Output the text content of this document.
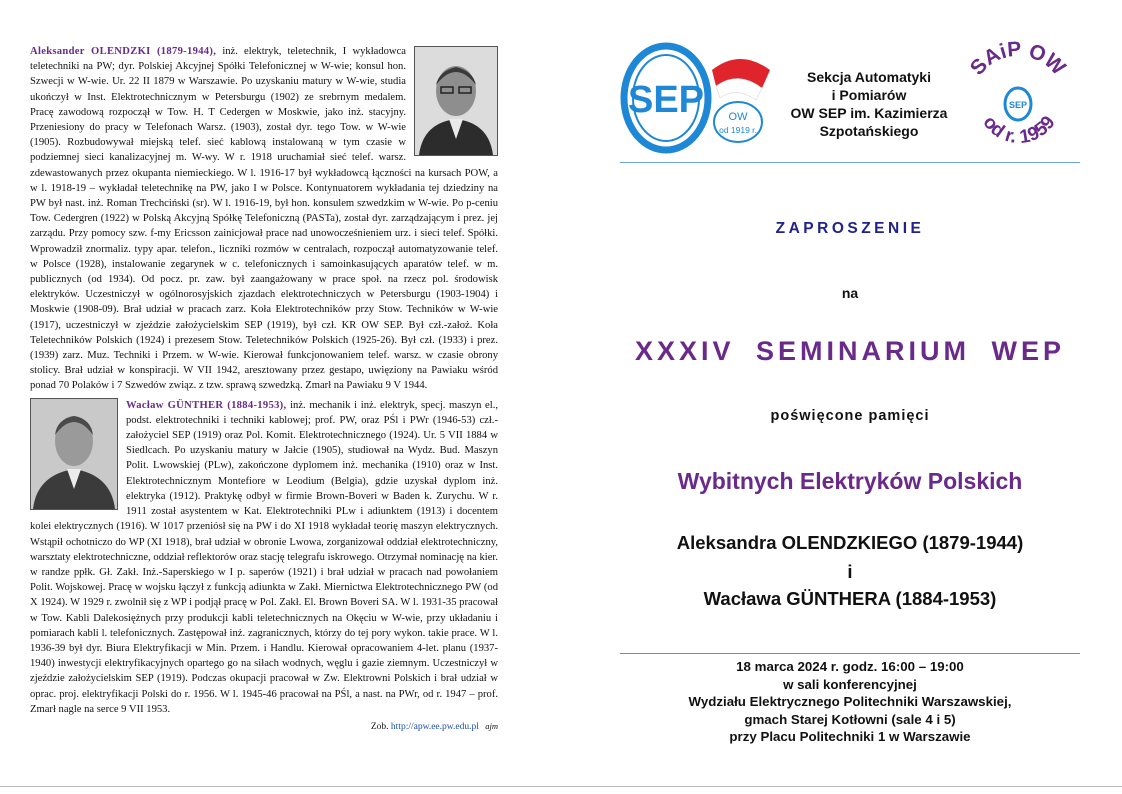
Aleksander OLENDZKI (1879-1944), inż. elektryk, teletechnik, I wykładowca teletechniki na PW; dyr. Polskiej Akcyjnej Spółki Telefonicznej w W-wie; konsul hon. Szwecji w W-wie. Ur. 22 II 1879 w Warszawie. Po uzyskaniu matury w W-wie, studia ukończył w Inst. Elektrotechnicznym w Petersburgu (1902) ze srebrnym medalem. Pracę zawodową rozpoczął w Tow. H. T Cedergen w Moskwie, jako inż. stacyjny. Przeniesiony do pracy w Telefonach Warsz. (1903), został dyr. tego Tow. w W-wie (1905). Rozbudowywał miejską telef. sieć kablową instalowaną w tym czasie w podziemnej sieci kanalizacyjnej m. W-wy. W r. 1918 uruchamiał sieć telef. warsz. zdewastowanych przez okupanta niemieckiego. W l. 1916-17 był wykładowcą łączności na kursach POW, a w l. 1918-19 – wykładał teletechnikę na PW, jako I w Polsce. Kontynuatorem wykładania tej dziedziny na PW był nast. inż. Roman Trechciński (sr). W l. 1916-19, był hon. konsulem szwedzkim w W-wie. Po p-ceniu Tow. Cedergren (1922) w Polską Akcyjną Spółkę Telefoniczną (PASTa), został dyr. zarządzającym i prez. jej zarządu. Przy pomocy szw. f-my Ericsson zainicjował prace nad unowocześnieniem urz. i sieci telef. Spółki. Wprowadził znormaliz. typy apar. telefon., liczniki rozmów w centralach, rozpoczął automatyzowanie telef. w Polsce (1928), instalowanie zegarynek w c. telefonicznych i samoinkasujących aparatów telef. w m. publicznych (od 1934). Od pocz. pr. zaw. był zaangażowany w prace społ. na rzecz pol. środowisk elektryków. Uczestniczył w ogólnorosyjskich zjazdach elektrotechniczych w Petersburgu (1903-1904) i Moskwie (1908-09). Brał udział w pracach zarz. Koła Elektrotechników przy Stow. Techników w W-wie (1917), uczestniczył w zjeździe założycielskim SEP (1919), był czł. KR OW SEP. Był czł.-założ. Koła Teletechników Polskich (1924) i prezesem Stow. Teletechników Polskich (1925-26). Był czł. (1933) i prez. (1939) zarz. Muz. Techniki i Przem. w W-wie. Kierował funkcjonowaniem telef. warsz. w czasie obrony stolicy. Brał udział w konspiracji. W VII 1942, aresztowany przez gestapo, uwięziony na Pawiaku wśród ponad 70 Polaków i 7 Szwedów związ. z tzw. sprawą szwedzką. Zmarł na Pawiaku 9 V 1944.

Wacław GÜNTHER (1884-1953), inż. mechanik i inż. elektryk, specj. maszyn el., podst. elektrotechniki i techniki kablowej; prof. PW, oraz PŚl i PWr (1946-53) czł.-założyciel SEP (1919) oraz Pol. Komit. Elektrotechnicznego (1924). Ur. 5 VII 1884 w Siedlcach. Po uzyskaniu matury w Jałcie (1905), studiował na Wydz. Bud. Maszyn Polit. Lwowskiej (PLw), zakończone dyplomem inż. mechanika (1910) oraz w Inst. Elektrotechnicznym Montefiore w Leodium (Belgia), gdzie uzyskał dyplom inż. elektryka (1912). Praktykę odbył w firmie Brown-Boveri w Baden k. Zurychu. W r. 1911 został asystentem w Kat. Elektrotechniki PLw i adiunktem (1913) i docentem kolei elektrycznych (1916). W 1017 przeniósł się na PW i do XI 1918 wykładał teorię maszyn elektrycznych. Wstąpił ochotniczo do WP (XI 1918), brał udział w obronie Lwowa, zorganizował oddział elektrotechniczny, warsztaty elektrotechniczne, oddział reflektorów oraz stację telegrafu iskrowego. Otrzymał nominację na kier. w randze ppłk. Gł. Zakł. Inż.-Saperskiego w I p. saperów (1921) i brał udział w pracach nad powołaniem Polit. Wojskowej. Pracę w wojsku łączył z funkcją adiunkta w Zakł. Miernictwa Elektrotechnicznego PW (od X 1924). W 1929 r. zwolnił się z WP i podjął pracę w Pol. Zakł. El. Brown Boveri SA. W l. 1931-35 pracował w Tow. Kabli Dalekosiężnych przy produkcji kabli teletechnicznych na Okęciu w W-wie, przy układaniu i pomiarach kabli l. telefonicznych. Zastępował inż. zagranicznych, którzy do tej pory wykon. takie prace. W l. 1936-39 był dyr. Biura Elektryfikacji w Min. Przem. i Handlu. Kierował opracowaniem 4-let. planu (1937-1940) inwestycji elektryfikacyjnych opartego go na siłach wodnych, węglu i gazie ziemnym. Uczestniczył w zjeździe założycielskim SEP (1919). Podczas okupacji pracował w Zw. Elektrowni Polskich i brał udział w oprac. proj. elektryfikacji Polski do r. 1956. W l. 1945-46 pracował na PŚl, a nast. na PWr, od r. 1947 – prof. Zmarł nagle na serce 9 VII 1953.

Zob. http://apw.ee.pw.edu.pl ajm
SEP OW
od 1919 r.
Sekcja Automatyki
i Pomiarów
OW SEP im. Kazimierza
Szpotańskiego
SAiP OW
od r. 1959
SEP
ZAPROSZENIE
na
XXXIV SEMINARIUM WEP
poświęcone pamięci
Wybitnych Elektryków Polskich
Aleksandra OLENDZKIEGO (1879-1944)
i
Wacława GÜNTHERA (1884-1953)
18 marca 2024 r. godz. 16:00 – 19:00
w sali konferencyjnej
Wydziału Elektrycznego Politechniki Warszawskiej,
gmach Starej Kotłowni (sale 4 i 5)
przy Placu Politechniki 1 w Warszawie
